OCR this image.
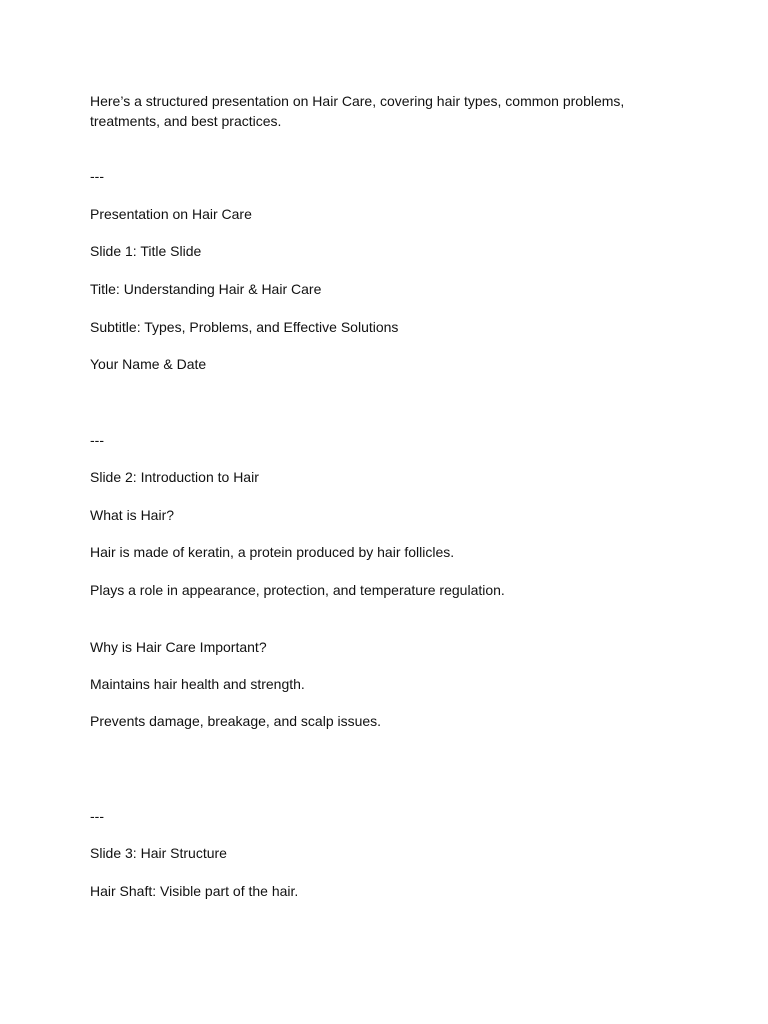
Here’s a structured presentation on Hair Care, covering hair types, common problems, treatments, and best practices.

---

Presentation on Hair Care

Slide 1: Title Slide

Title: Understanding Hair & Hair Care

Subtitle: Types, Problems, and Effective Solutions

Your Name & Date

---

Slide 2: Introduction to Hair

What is Hair?

Hair is made of keratin, a protein produced by hair follicles.

Plays a role in appearance, protection, and temperature regulation.

Why is Hair Care Important?

Maintains hair health and strength.

Prevents damage, breakage, and scalp issues.

---

Slide 3: Hair Structure

Hair Shaft: Visible part of the hair.
